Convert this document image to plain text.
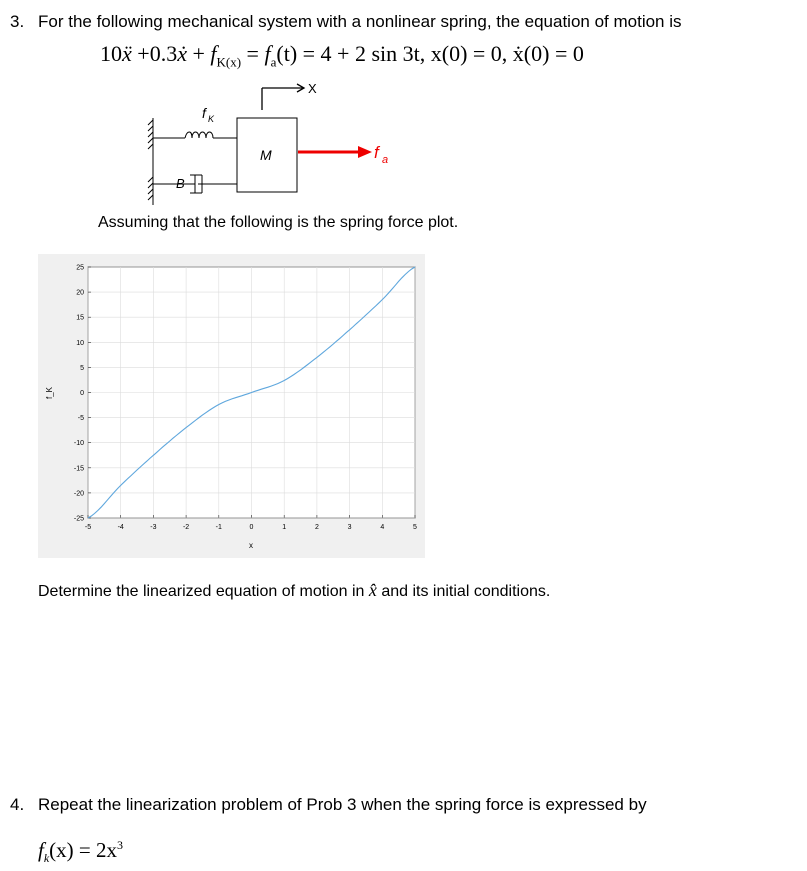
3. For the following mechanical system with a nonlinear spring, the equation of motion is
10ẍ +0.3ẋ + $f_{K(x)} = f_a(t) = 4 + 2$ sin 3t, x(0) = 0, ẋ(0) = 0
f K
B
M
X
f a
Assuming that the following is the spring force plot.
25
20
15
10
5
0
-5
-10
-15
-20
-25
-5	-4	-3	-2	-1	0	1	2	3	4	5
x
f_K
Determine the linearized equation of motion in x̂ and its initial conditions.
4. Repeat the linearization problem of Prob 3 when the spring force is expressed by
$f_k(x) = 2x^3$
